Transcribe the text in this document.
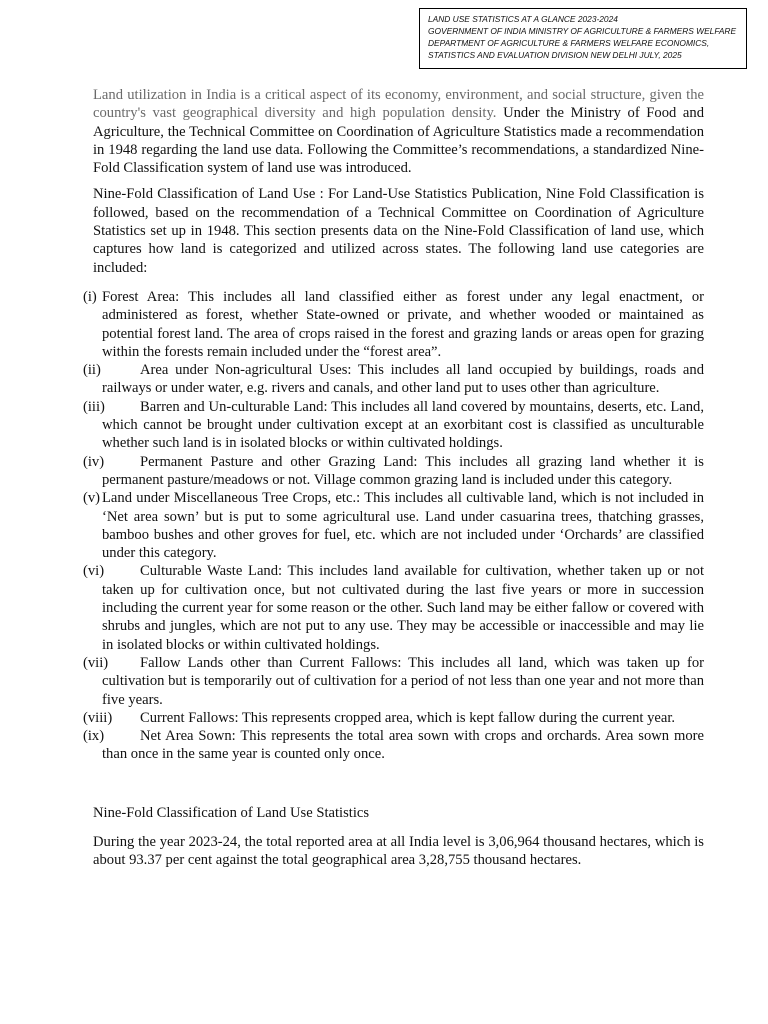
LAND USE STATISTICS AT A GLANCE 2023-2024
GOVERNMENT OF INDIA MINISTRY OF AGRICULTURE & FARMERS WELFARE
DEPARTMENT OF AGRICULTURE & FARMERS WELFARE ECONOMICS,
STATISTICS AND EVALUATION DIVISION NEW DELHI JULY, 2025

Land utilization in India is a critical aspect of its economy, environment, and social structure, given the country's vast geographical diversity and high population density. Under the Ministry of Food and Agriculture, the Technical Committee on Coordination of Agriculture Statistics made a recommendation in 1948 regarding the land use data. Following the Committee’s recommendations, a standardized Nine-Fold Classification system of land use was introduced.

Nine-Fold Classification of Land Use : For Land-Use Statistics Publication, Nine Fold Classification is followed, based on the recommendation of a Technical Committee on Coordination of Agriculture Statistics set up in 1948. This section presents data on the Nine-Fold Classification of land use, which captures how land is categorized and utilized across states. The following land use categories are included:

(i) Forest Area: This includes all land classified either as forest under any legal enactment, or administered as forest, whether State-owned or private, and whether wooded or maintained as potential forest land. The area of crops raised in the forest and grazing lands or areas open for grazing within the forests remain included under the “forest area”.
(ii)	Area under Non-agricultural Uses: This includes all land occupied by buildings, roads and railways or under water, e.g. rivers and canals, and other land put to uses other than agriculture.
(iii) Barren and Un-culturable Land: This includes all land covered by mountains, deserts, etc. Land, which cannot be brought under cultivation except at an exorbitant cost is classified as unculturable whether such land is in isolated blocks or within cultivated holdings.
(iv) Permanent Pasture and other Grazing Land: This includes all grazing land whether it is permanent pasture/meadows or not. Village common grazing land is included under this category.
(v) Land under Miscellaneous Tree Crops, etc.: This includes all cultivable land, which is not included in ‘Net area sown’ but is put to some agricultural use. Land under casuarina trees, thatching grasses, bamboo bushes and other groves for fuel, etc. which are not included under ‘Orchards’ are classified under this category.
(vi) Culturable Waste Land: This includes land available for cultivation, whether taken up or not taken up for cultivation once, but not cultivated during the last five years or more in succession including the current year for some reason or the other. Such land may be either fallow or covered with shrubs and jungles, which are not put to any use. They may be accessible or inaccessible and may lie in isolated blocks or within cultivated holdings.
(vii) Fallow Lands other than Current Fallows: This includes all land, which was taken up for cultivation but is temporarily out of cultivation for a period of not less than one year and not more than five years.
(viii) Current Fallows: This represents cropped area, which is kept fallow during the current year.
(ix) Net Area Sown: This represents the total area sown with crops and orchards. Area sown more than once in the same year is counted only once.

Nine-Fold Classification of Land Use Statistics

During the year 2023-24, the total reported area at all India level is 3,06,964 thousand hectares, which is about 93.37 per cent against the total geographical area 3,28,755 thousand hectares.
